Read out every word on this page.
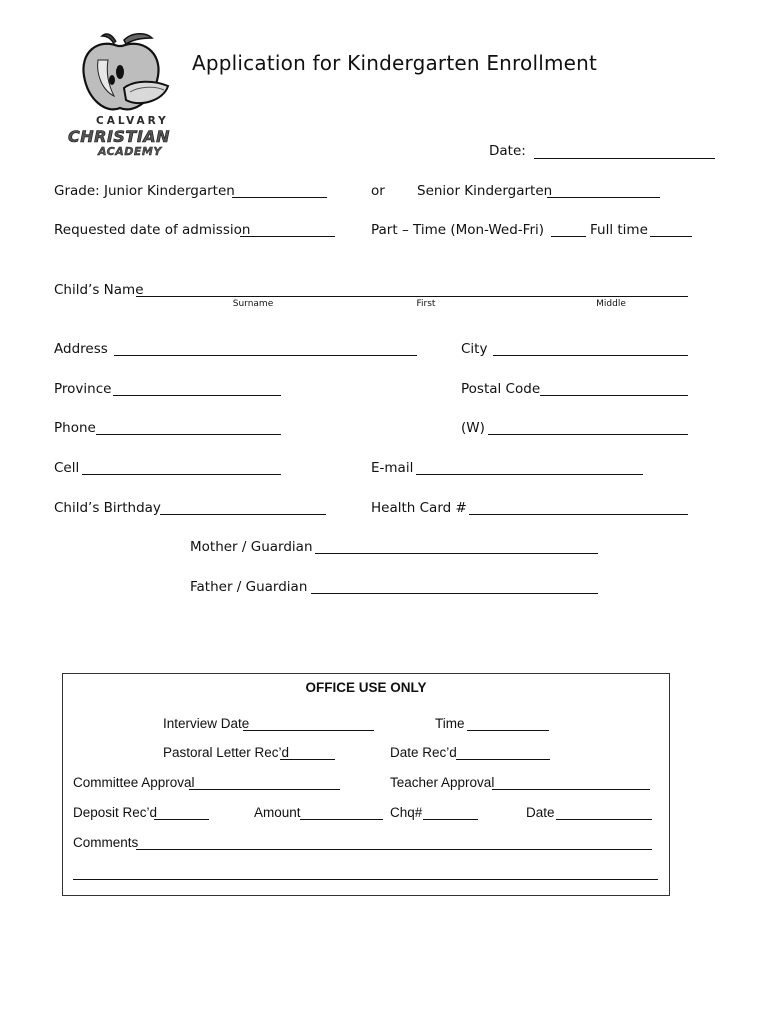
CALVARY
CHRISTIAN
ACADEMY
Application for Kindergarten Enrollment
Date:
Grade: Junior Kindergarten	or Senior Kindergarten
Requested date of admission	Part – Time (Mon-Wed-Fri)	Full time
Child’s Name
Surname	First	Middle
Address	City
Province	Postal Code
Phone	(W)
Cell	E-mail
Child’s Birthday	Health Card #
Mother / Guardian
Father / Guardian
OFFICE USE ONLY
Interview Date	Time
Pastoral Letter Rec’d	Date Rec’d
Committee Approval	Teacher Approval
Deposit Rec’d	Amount	Chq#	Date
Comments
